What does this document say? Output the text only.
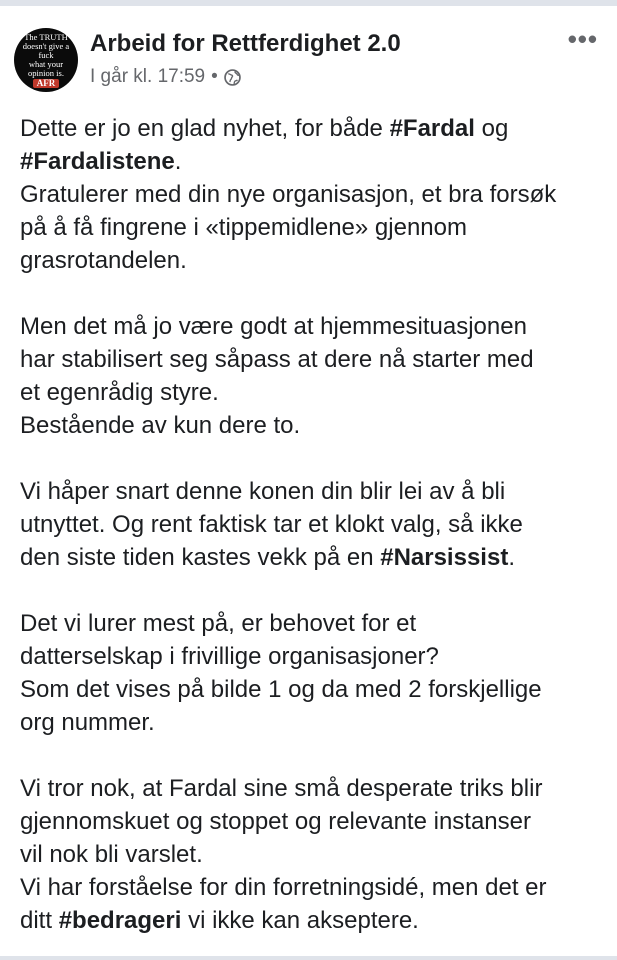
The TRUTH
doesn't give a
fuck
what your
opinion is.
AFR
Arbeid for Rettferdighet 2.0
I går kl. 17:59 •
•••
Dette er jo en glad nyhet, for både #Fardal og
#Fardalistene.
Gratulerer med din nye organisasjon, et bra forsøk
på å få fingrene i «tippemidlene» gjennom
grasrotandelen.
Men det må jo være godt at hjemmesituasjonen
har stabilisert seg såpass at dere nå starter med
et egenrådig styre.
Bestående av kun dere to.
Vi håper snart denne konen din blir lei av å bli
utnyttet. Og rent faktisk tar et klokt valg, så ikke
den siste tiden kastes vekk på en #Narsissist.
Det vi lurer mest på, er behovet for et
datterselskap i frivillige organisasjoner?
Som det vises på bilde 1 og da med 2 forskjellige
org nummer.
Vi tror nok, at Fardal sine små desperate triks blir
gjennomskuet og stoppet og relevante instanser
vil nok bli varslet.
Vi har forståelse for din forretningsidé, men det er
ditt #bedrageri vi ikke kan akseptere.
